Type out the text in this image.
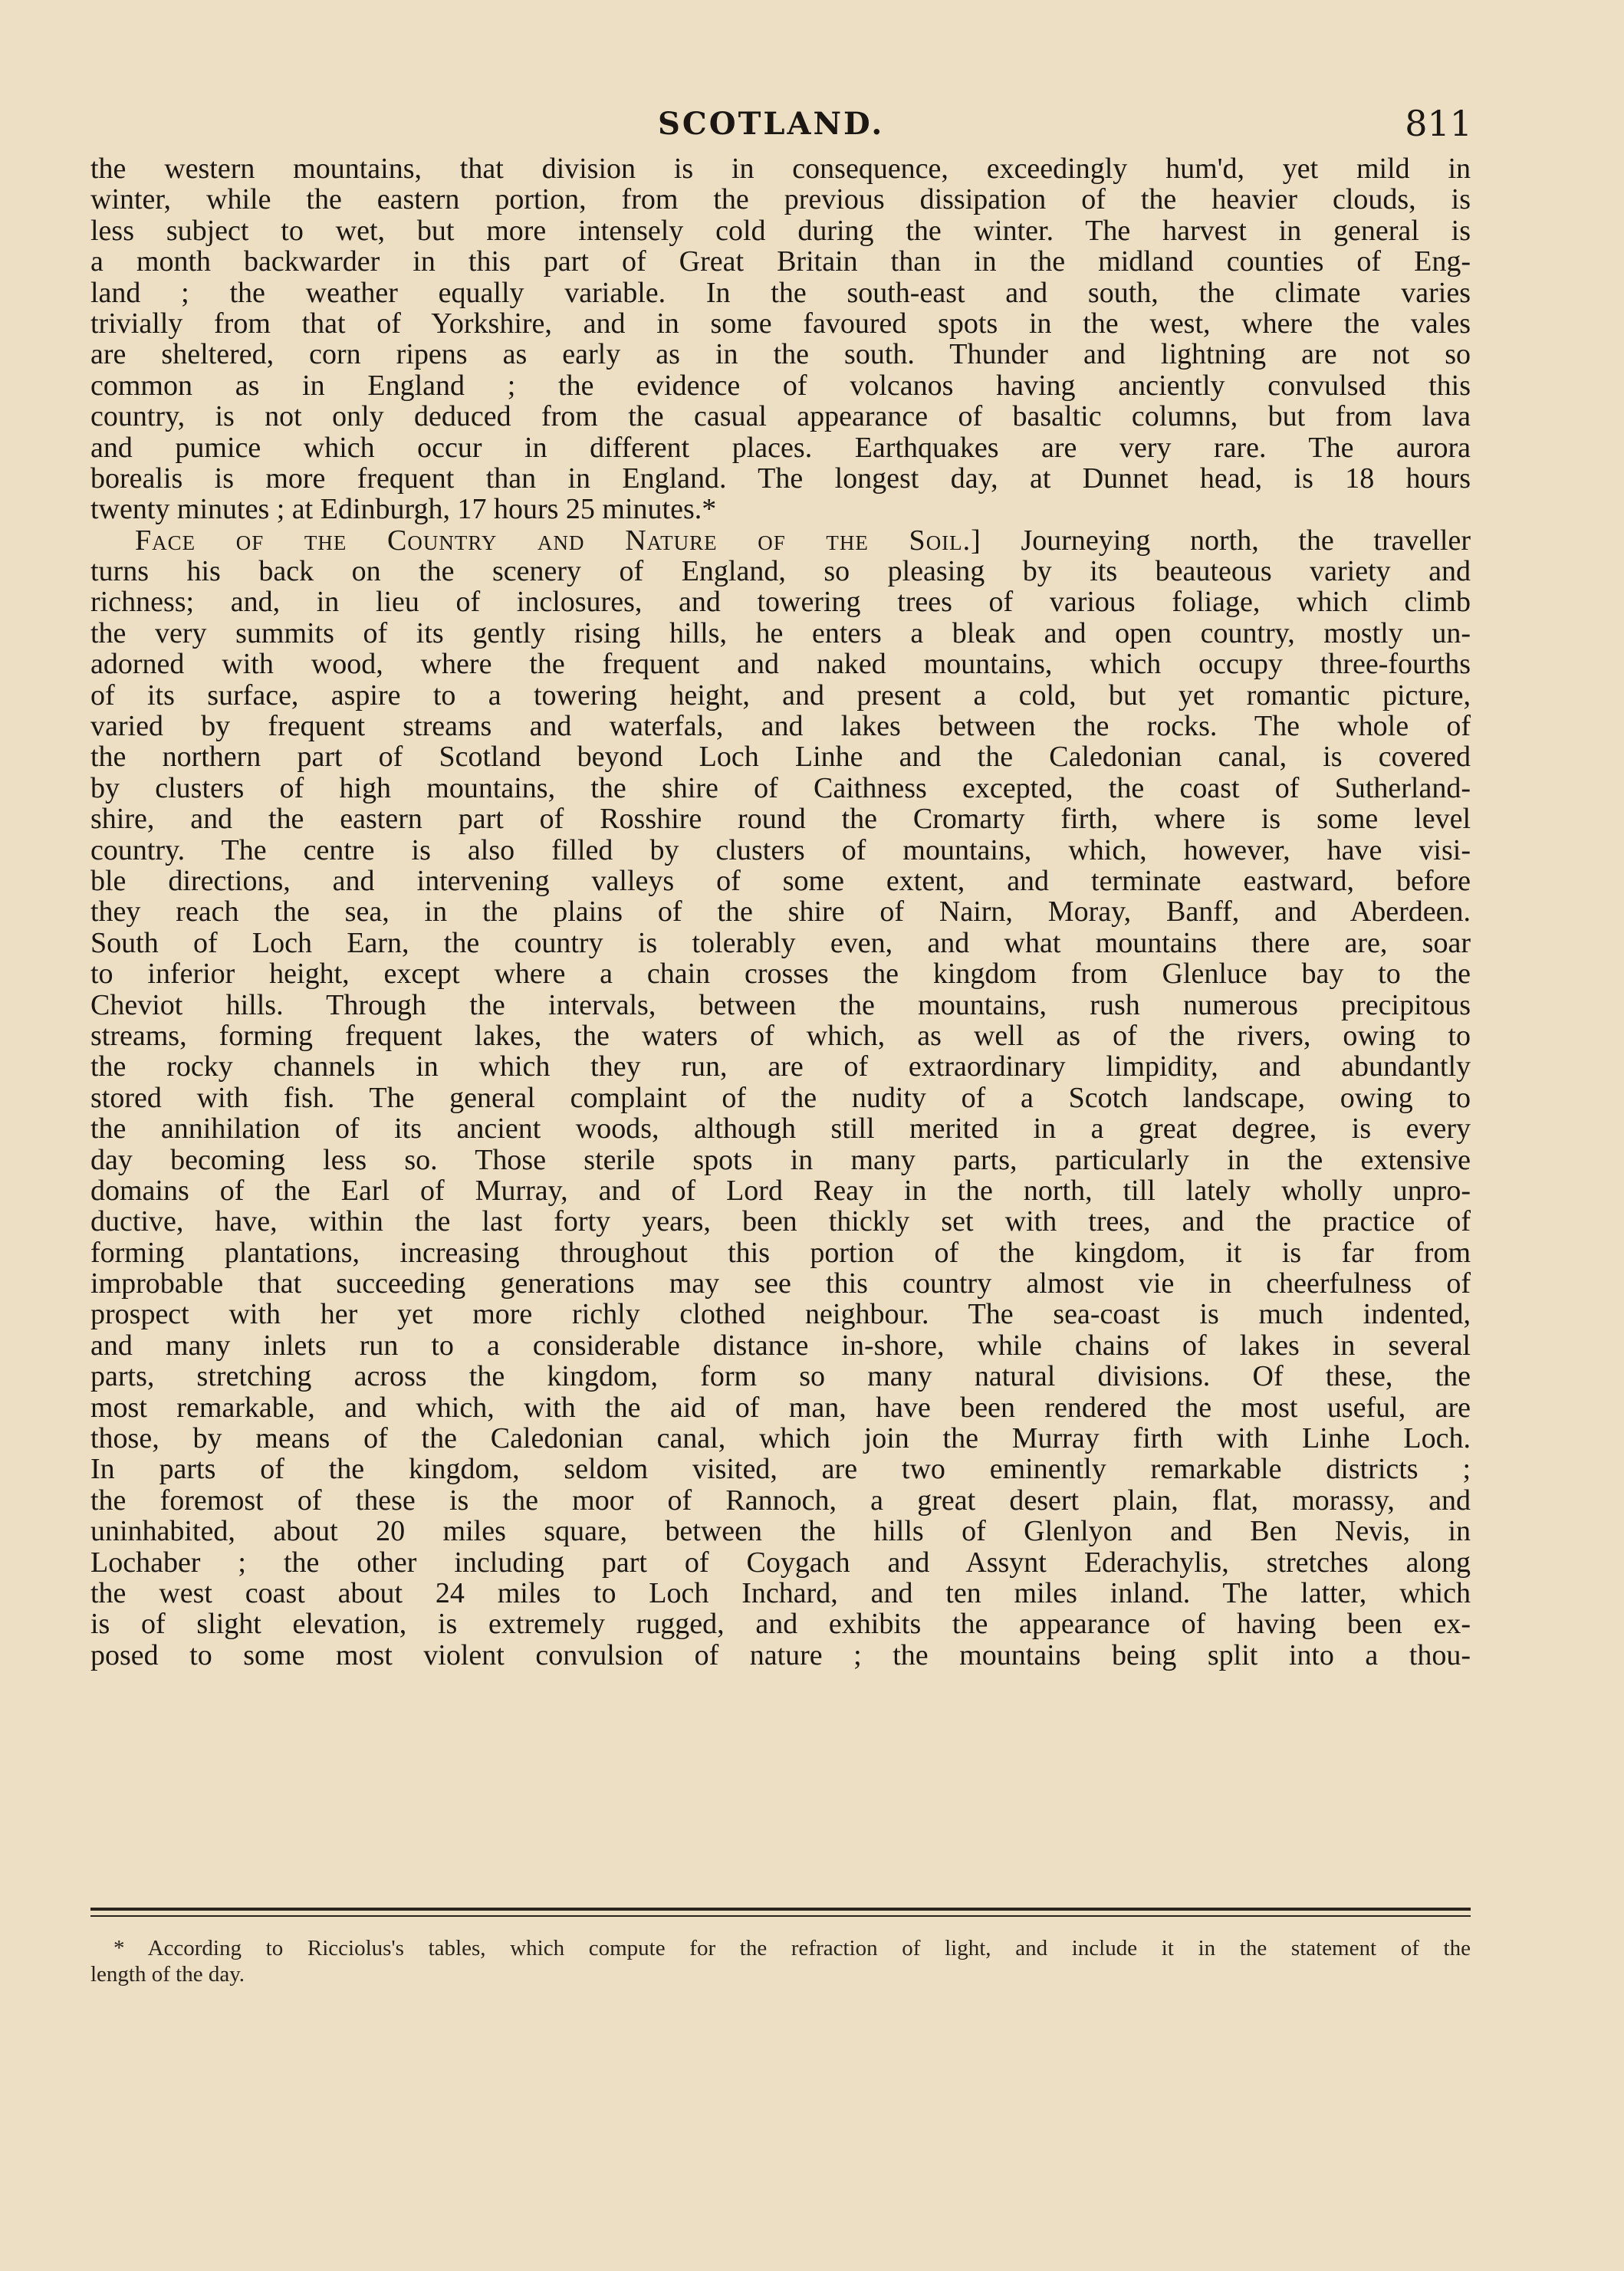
SCOTLAND.	811
the western mountains, that division is in consequence, exceedingly hum'd, yet mild in
winter, while the eastern portion, from the previous dissipation of the heavier clouds, is
less subject to wet, but more intensely cold during the winter. The harvest in general is
a month backwarder in this part of Great Britain than in the midland counties of Eng-
land ; the weather equally variable. In the south-east and south, the climate varies
trivially from that of Yorkshire, and in some favoured spots in the west, where the vales
are sheltered, corn ripens as early as in the south. Thunder and lightning are not so
common as in England ; the evidence of volcanos having anciently convulsed this
country, is not only deduced from the casual appearance of basaltic columns, but from lava
and pumice which occur in different places. Earthquakes are very rare. The aurora
borealis is more frequent than in England. The longest day, at Dunnet head, is 18 hours
twenty minutes ; at Edinburgh, 17 hours 25 minutes.*
Face of the Country and Nature of the Soil.] Journeying north, the traveller
turns his back on the scenery of England, so pleasing by its beauteous variety and
richness; and, in lieu of inclosures, and towering trees of various foliage, which climb
the very summits of its gently rising hills, he enters a bleak and open country, mostly un-
adorned with wood, where the frequent and naked mountains, which occupy three-fourths
of its surface, aspire to a towering height, and present a cold, but yet romantic picture,
varied by frequent streams and waterfals, and lakes between the rocks. The whole of
the northern part of Scotland beyond Loch Linhe and the Caledonian canal, is covered
by clusters of high mountains, the shire of Caithness excepted, the coast of Sutherland-
shire, and the eastern part of Rosshire round the Cromarty firth, where is some level
country. The centre is also filled by clusters of mountains, which, however, have visi-
ble directions, and intervening valleys of some extent, and terminate eastward, before
they reach the sea, in the plains of the shire of Nairn, Moray, Banff, and Aberdeen.
South of Loch Earn, the country is tolerably even, and what mountains there are, soar
to inferior height, except where a chain crosses the kingdom from Glenluce bay to the
Cheviot hills. Through the intervals, between the mountains, rush numerous precipitous
streams, forming frequent lakes, the waters of which, as well as of the rivers, owing to
the rocky channels in which they run, are of extraordinary limpidity, and abundantly
stored with fish. The general complaint of the nudity of a Scotch landscape, owing to
the annihilation of its ancient woods, although still merited in a great degree, is every
day becoming less so. Those sterile spots in many parts, particularly in the extensive
domains of the Earl of Murray, and of Lord Reay in the north, till lately wholly unpro-
ductive, have, within the last forty years, been thickly set with trees, and the practice of
forming plantations, increasing throughout this portion of the kingdom, it is far from
improbable that succeeding generations may see this country almost vie in cheerfulness of
prospect with her yet more richly clothed neighbour. The sea-coast is much indented,
and many inlets run to a considerable distance in-shore, while chains of lakes in several
parts, stretching across the kingdom, form so many natural divisions. Of these, the
most remarkable, and which, with the aid of man, have been rendered the most useful, are
those, by means of the Caledonian canal, which join the Murray firth with Linhe Loch.
In parts of the kingdom, seldom visited, are two eminently remarkable districts ;
the foremost of these is the moor of Rannoch, a great desert plain, flat, morassy, and
uninhabited, about 20 miles square, between the hills of Glenlyon and Ben Nevis, in
Lochaber ; the other including part of Coygach and Assynt Ederachylis, stretches along
the west coast about 24 miles to Loch Inchard, and ten miles inland. The latter, which
is of slight elevation, is extremely rugged, and exhibits the appearance of having been ex-
posed to some most violent convulsion of nature ; the mountains being split into a thou-
* According to Ricciolus's tables, which compute for the refraction of light, and include it in the statement of the
length of the day.
